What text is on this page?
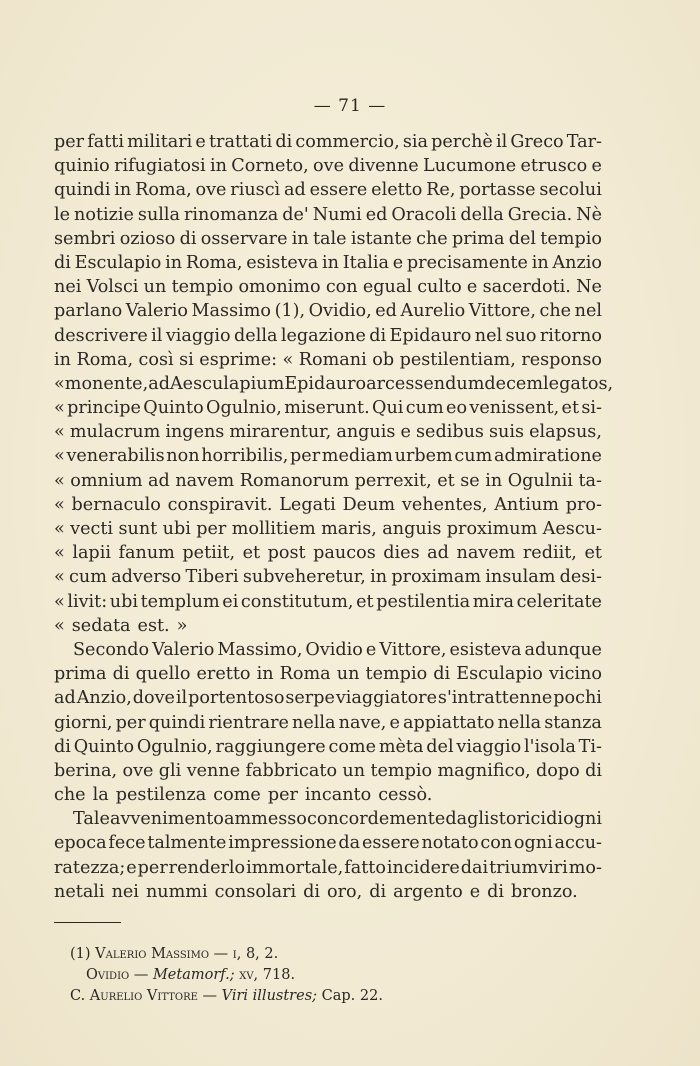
— 71 —
per fatti militari e trattati di commercio, sia perchè il Greco Tar-
quinio rifugiatosi in Corneto, ove divenne Lucumone etrusco e
quindi in Roma, ove riuscì ad essere eletto Re, portasse secolui
le notizie sulla rinomanza de' Numi ed Oracoli della Grecia. Nè
sembri ozioso di osservare in tale istante che prima del tempio
di Esculapio in Roma, esisteva in Italia e precisamente in Anzio
nei Volsci un tempio omonimo con egual culto e sacerdoti. Ne
parlano Valerio Massimo (1), Ovidio, ed Aurelio Vittore, che nel
descrivere il viaggio della legazione di Epidauro nel suo ritorno
in Roma, così si esprime: « Romani ob pestilentiam, responso
« monente, ad Aesculapium Epidauro arcessendum decem legatos,
« principe Quinto Ogulnio, miserunt. Qui cum eo venissent, et si-
« mulacrum ingens mirarentur, anguis e sedibus suis elapsus,
« venerabilis non horribilis, per mediam urbem cum admiratione
« omnium ad navem Romanorum perrexit, et se in Ogulnii ta-
« bernaculo conspiravit. Legati Deum vehentes, Antium pro-
« vecti sunt ubi per mollitiem maris, anguis proximum Aescu-
« lapii fanum petiit, et post paucos dies ad navem rediit, et
« cum adverso Tiberi subveheretur, in proximam insulam desi-
« livit: ubi templum ei constitutum, et pestilentia mira celeritate
« sedata est. »
Secondo Valerio Massimo, Ovidio e Vittore, esisteva adunque
prima di quello eretto in Roma un tempio di Esculapio vicino
ad Anzio, dove il portentoso serpe viaggiatore s'intrattenne pochi
giorni, per quindi rientrare nella nave, e appiattato nella stanza
di Quinto Ogulnio, raggiungere come mèta del viaggio l'isola Ti-
berina, ove gli venne fabbricato un tempio magnifico, dopo di
che la pestilenza come per incanto cessò.
Tale avvenimento ammesso concordemente dagli storici di ogni
epoca fece talmente impressione da essere notato con ogni accu-
ratezza; e per renderlo immortale, fatto incidere dai triumviri mo-
netali nei nummi consolari di oro, di argento e di bronzo.
(1) Valerio Massimo — i, 8, 2.
Ovidio — Metamorf.; xv, 718.
C. Aurelio Vittore — Viri illustres; Cap. 22.
